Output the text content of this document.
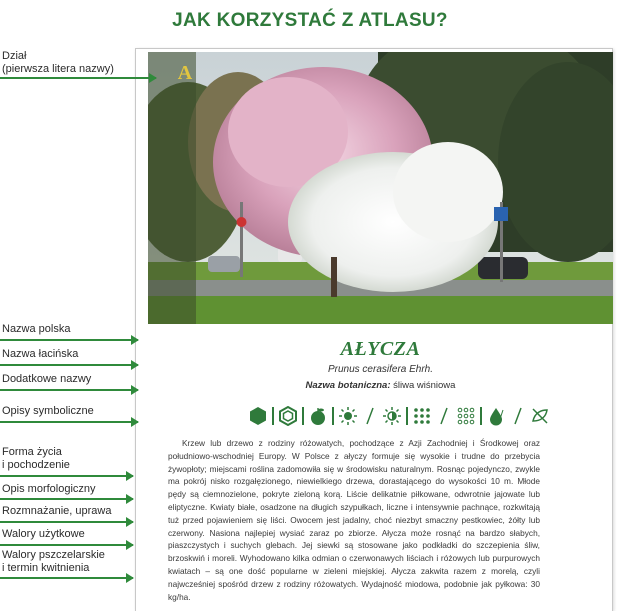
JAK KORZYSTAĆ Z ATLASU?
A
Dział
(pierwsza litera nazwy)
Nazwa polska
Nazwa łacińska
Dodatkowe nazwy
Opisy symboliczne
Forma życia
i pochodzenie
Opis morfologiczny
Rozmnażanie, uprawa
Walory użytkowe
Walory pszczelarskie
i termin kwitnienia
AŁYCZA
Prunus cerasifera Ehrh.
Nazwa botaniczna: śliwa wiśniowa
Krzew lub drzewo z rodziny różowatych, pochodzące z Azji Zachodniej i Środkowej oraz południowo-wschodniej Europy. W Polsce z ałyczy formuje się wysokie i trudne do przebycia żywopłoty; miejscami roślina zadomowiła się w środowisku naturalnym. Rosnąc pojedynczo, zwykle ma pokrój nisko rozgałęzionego, niewielkiego drzewa, dorastającego do wysokości 10 m. Młode pędy są ciemnozielone, pokryte zieloną korą. Liście delikatnie piłkowane, odwrotnie jajowate lub eliptyczne. Kwiaty białe, osadzone na długich szypułkach, liczne i intensywnie pachnące, rozkwitają tuż przed pojawieniem się liści. Owocem jest jadalny, choć niezbyt smaczny pestkowiec, żółty lub czerwony. Nasiona najlepiej wysiać zaraz po zbiorze. Ałycza może rosnąć na bardzo słabych, piaszczystych i suchych glebach. Jej siewki są stosowane jako podkładki do szczepienia śliw, brzoskwiń i moreli. Wyhodowano kilka odmian o czerwonawych liściach i różowych lub purpurowych kwiatach – są one dość popularne w zieleni miejskiej. Ałycza zakwita razem z morelą, czyli najwcześniej spośród drzew z rodziny różowatych. Wydajność miodowa, podobnie jak pyłkowa: 30 kg/ha.
